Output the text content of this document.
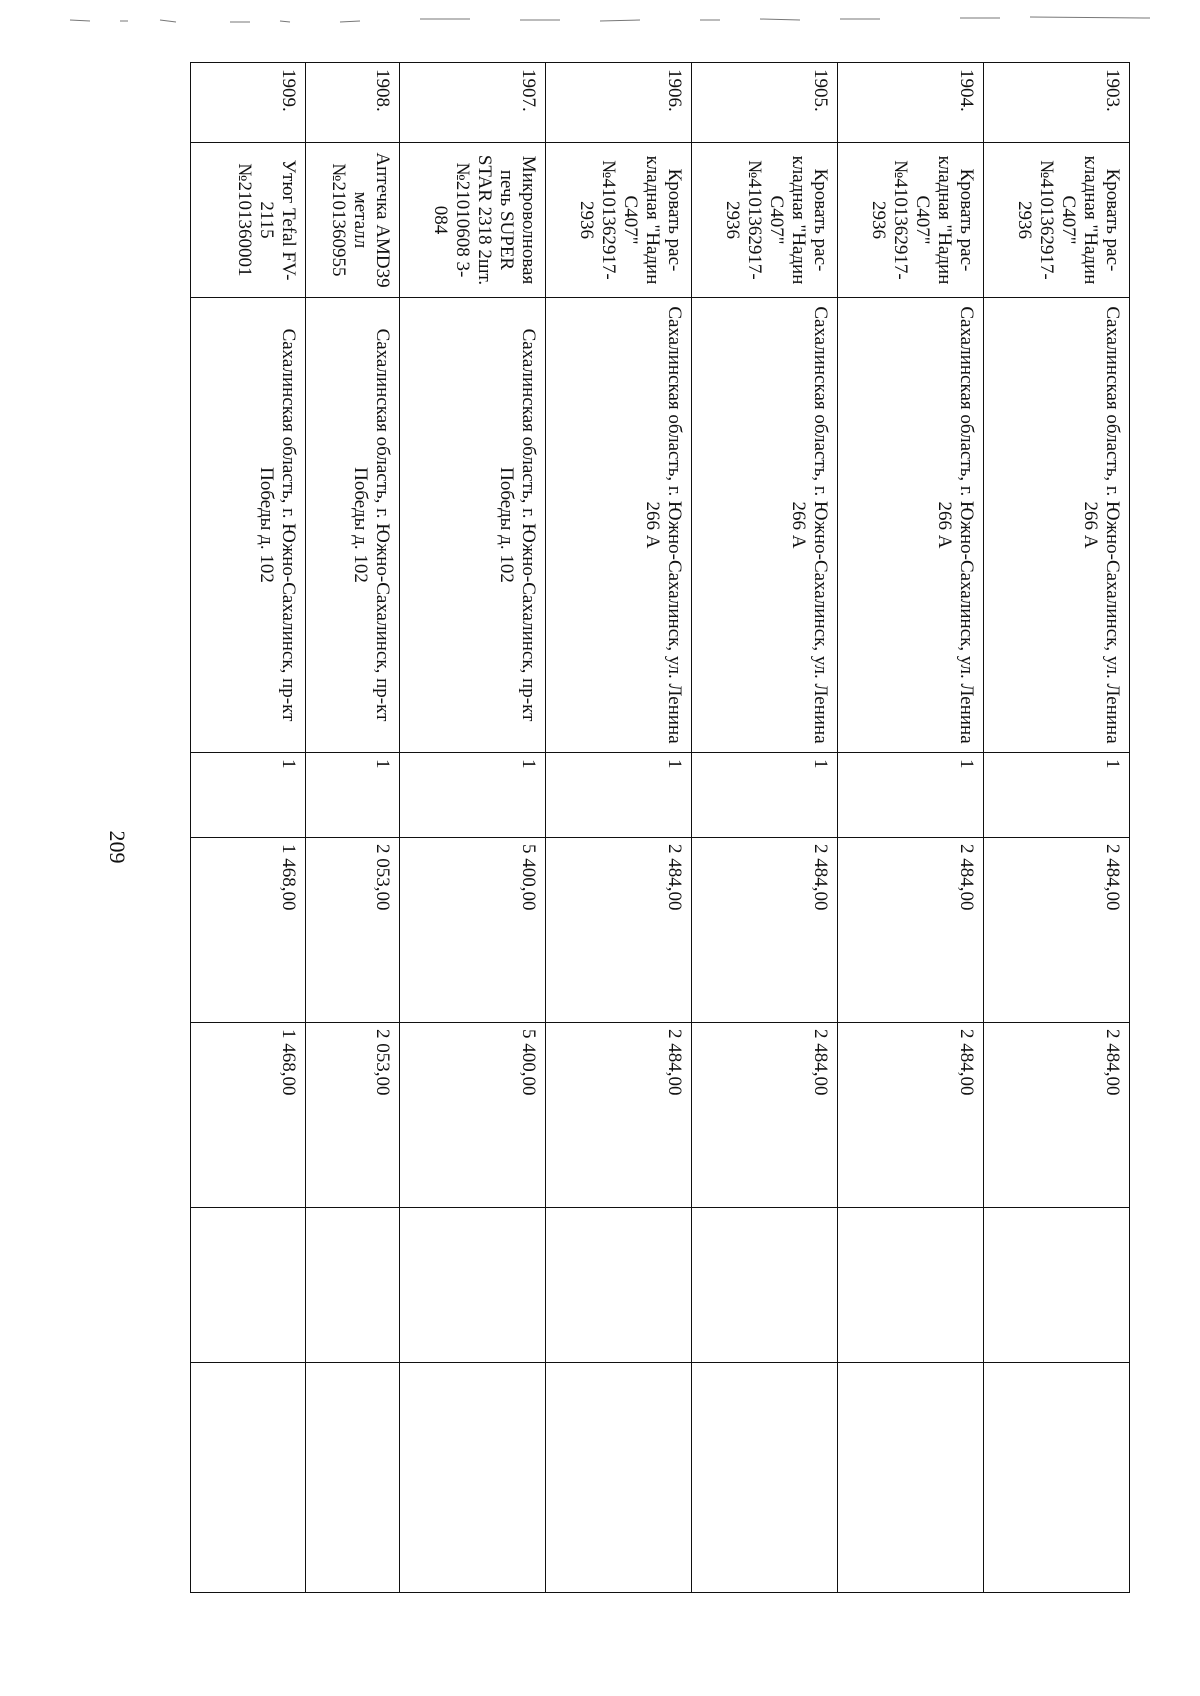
209
1903.	Кровать рас-кладная "Надин С407" №4101362917-2936	Сахалинская область, г. Южно-Сахалинск, ул. Ленина 266 А	1	2 484,00	2 484,00		
1904.	Кровать рас-кладная "Надин С407" №4101362917-2936	Сахалинская область, г. Южно-Сахалинск, ул. Ленина 266 А	1	2 484,00	2 484,00		
1905.	Кровать рас-кладная "Надин С407" №4101362917-2936	Сахалинская область, г. Южно-Сахалинск, ул. Ленина 266 А	1	2 484,00	2 484,00		
1906.	Кровать рас-кладная "Надин С407" №4101362917-2936	Сахалинская область, г. Южно-Сахалинск, ул. Ленина 266 А	1	2 484,00	2 484,00		
1907.	Микроволновая печь SUPER STAR 2318 2шт.№21010608 3-084	Сахалинская область, г. Южно-Сахалинск, пр-кт Победы д. 102	1	5 400,00	5 400,00		
1908.	Аптечка AMD39 металл №2101360955	Сахалинская область, г. Южно-Сахалинск, пр-кт Победы д. 102	1	2 053,00	2 053,00		
1909.	Утюг Tefal FV-2115 №2101360001	Сахалинская область, г. Южно-Сахалинск, пр-кт Победы д. 102	1	1 468,00	1 468,00		
